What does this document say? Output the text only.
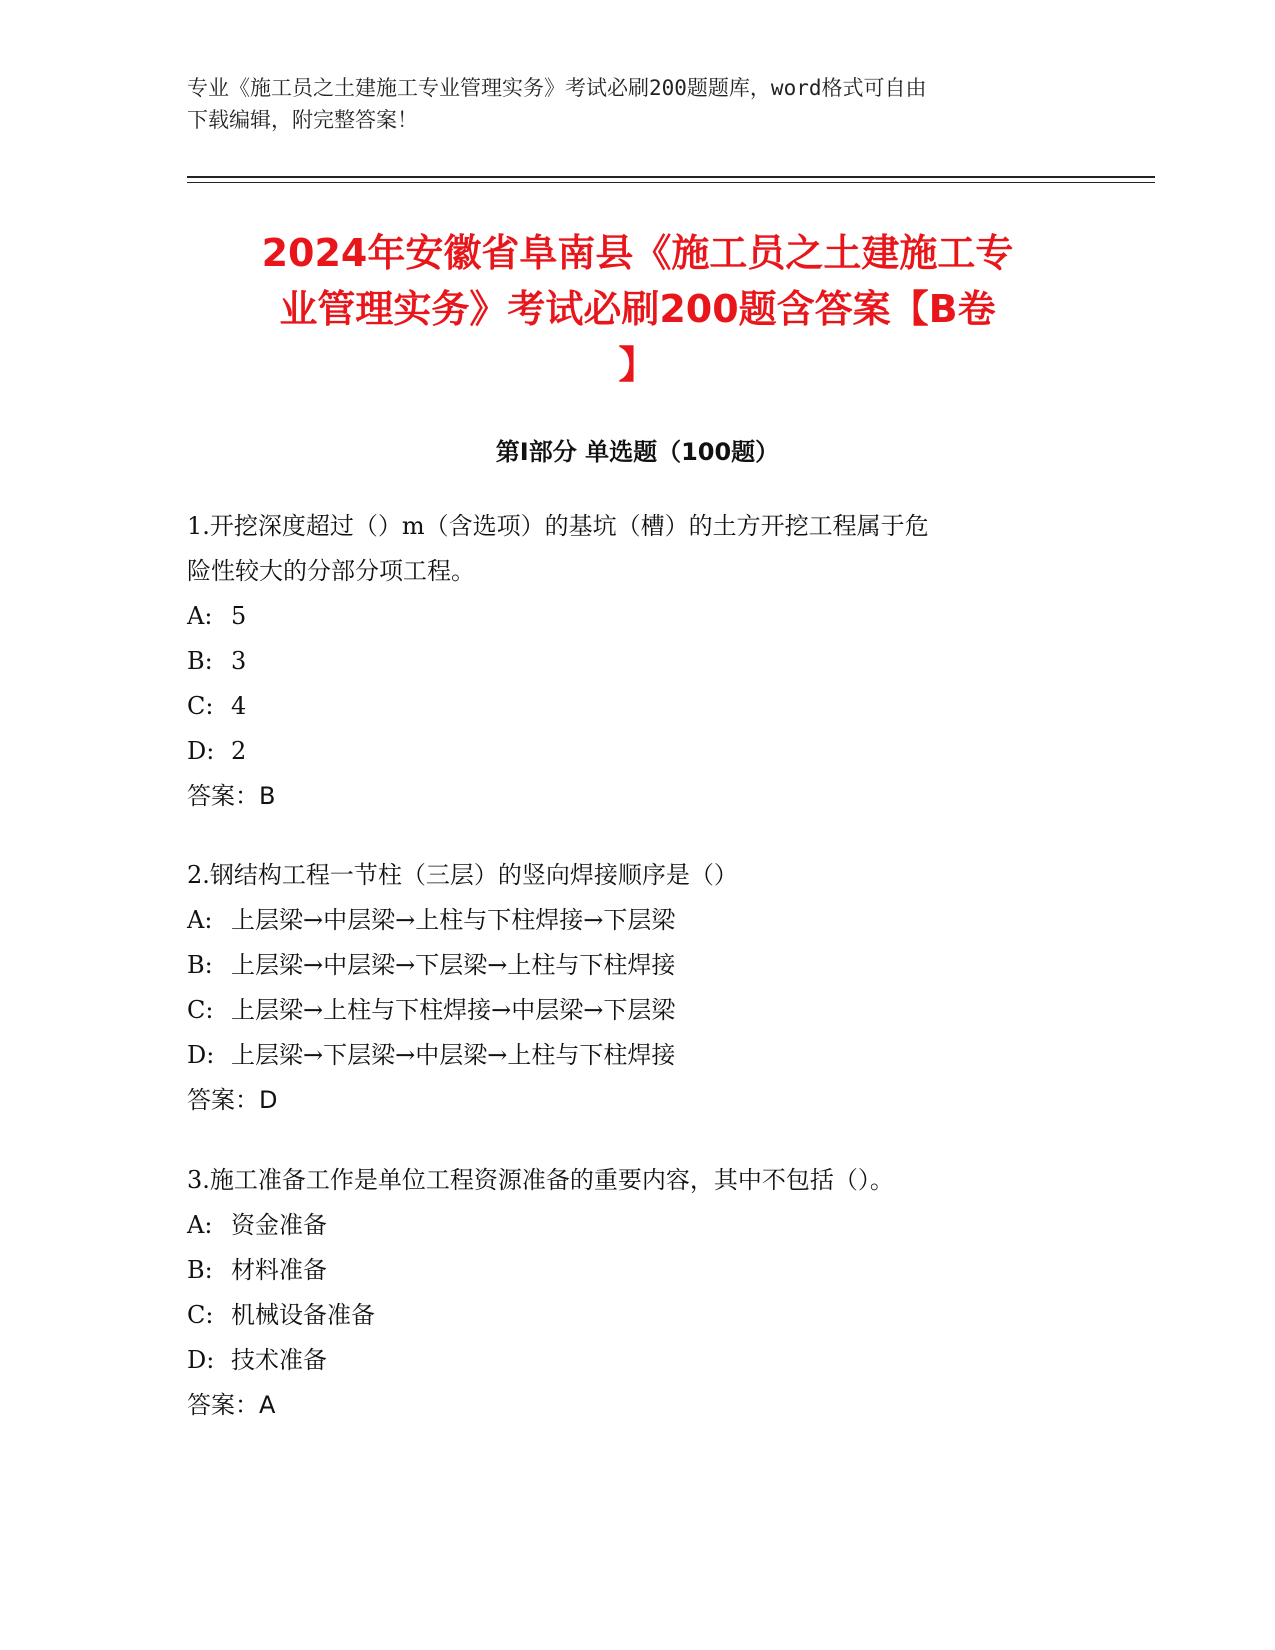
专业《施工员之土建施工专业管理实务》考试必刷200题题库，word格式可自由
下载编辑，附完整答案！
2024年安徽省阜南县《施工员之土建施工专
业管理实务》考试必刷200题含答案【B卷
】
第Ⅰ部分 单选题（100题）
1.开挖深度超过（）m（含选项）的基坑（槽）的土方开挖工程属于危
险性较大的分部分项工程。
A: 5
B: 3
C: 4
D: 2
答案：B
2.钢结构工程一节柱（三层）的竖向焊接顺序是（）
A: 上层梁→中层梁→上柱与下柱焊接→下层梁
B: 上层梁→中层梁→下层梁→上柱与下柱焊接
C: 上层梁→上柱与下柱焊接→中层梁→下层梁
D: 上层梁→下层梁→中层梁→上柱与下柱焊接
答案：D
3.施工准备工作是单位工程资源准备的重要内容，其中不包括（）。
A: 资金准备
B: 材料准备
C: 机械设备准备
D: 技术准备
答案：A
